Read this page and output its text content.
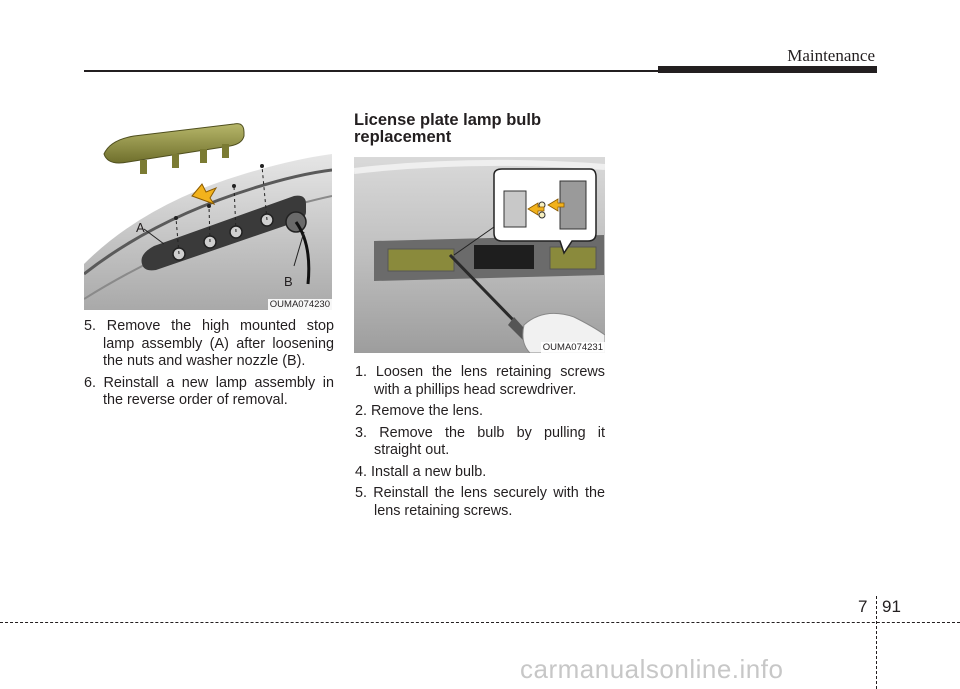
Maintenance
A
B
OUMA074230
5. Remove the high mounted stop lamp assembly (A) after loosening the nuts and washer nozzle (B).
6. Reinstall a new lamp assembly in the reverse order of removal.
License plate lamp bulb replacement
OUMA074231
1. Loosen the lens retaining screws with a phillips head screwdriver.
2. Remove the lens.
3. Remove the bulb by pulling it straight out.
4. Install a new bulb.
5. Reinstall the lens securely with the lens retaining screws.
7 91
carmanualsonline.info
